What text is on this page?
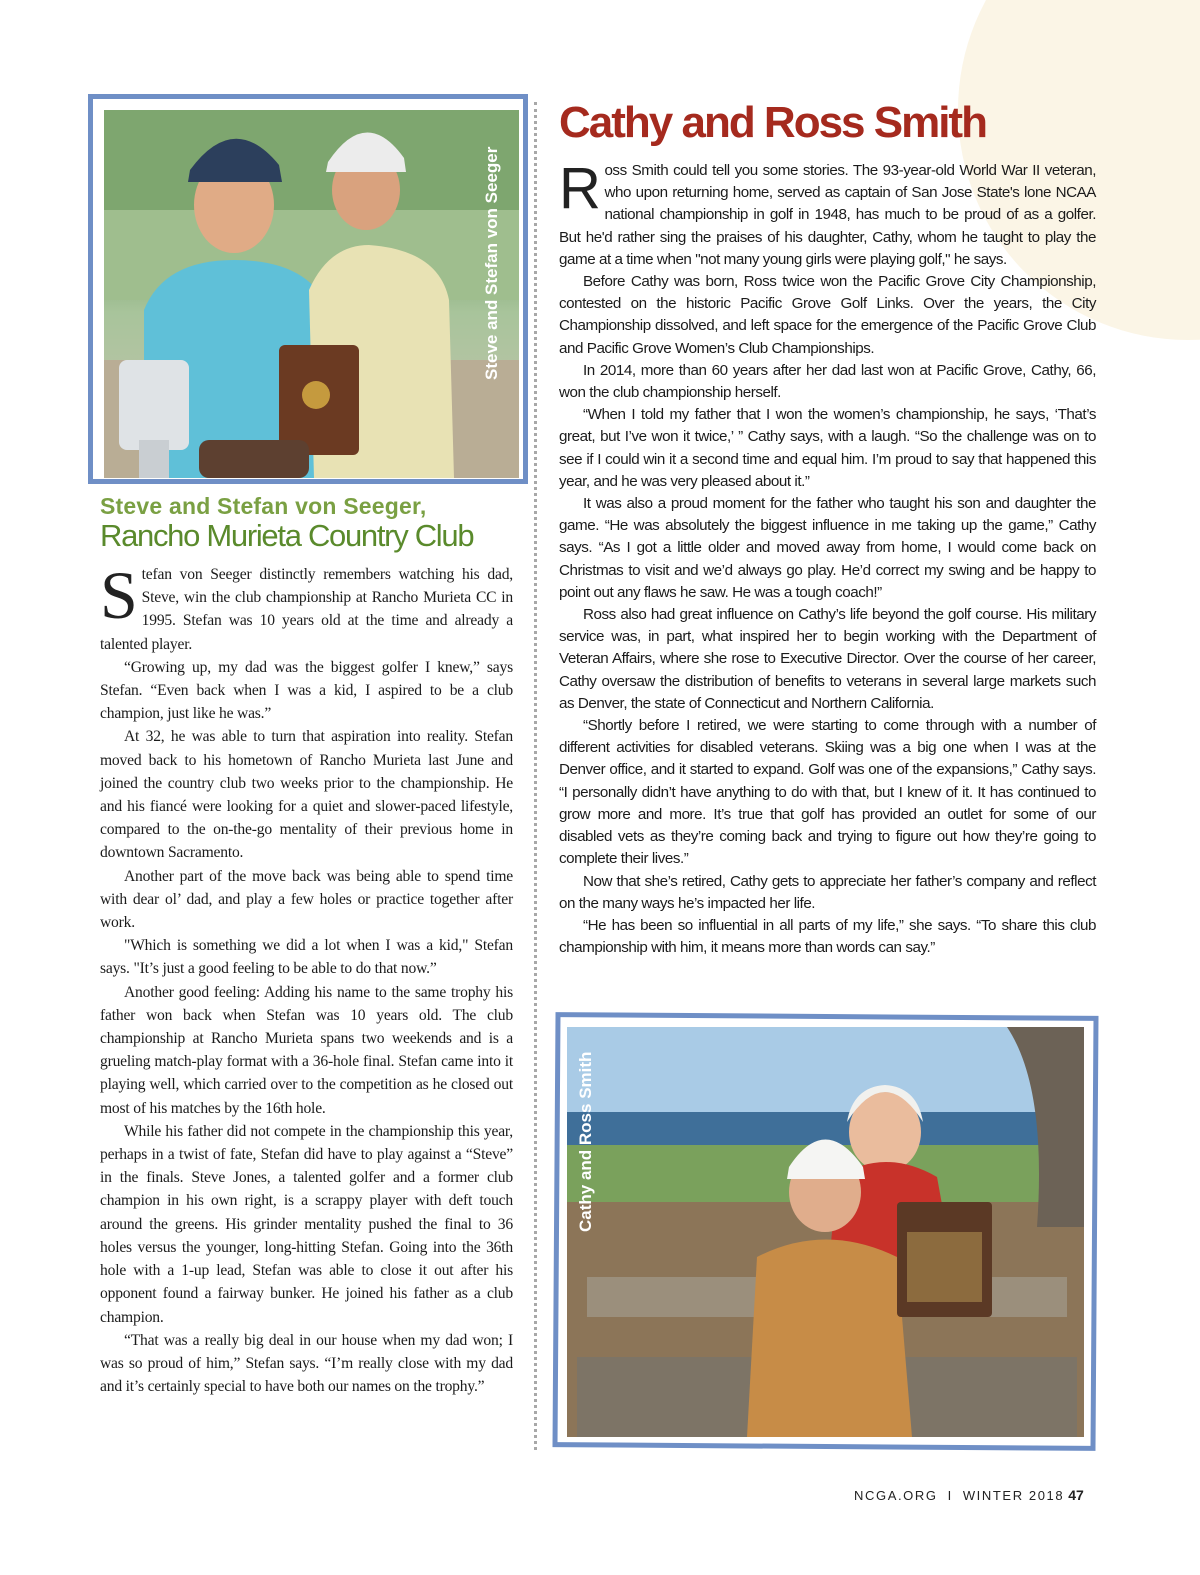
Steve and Stefan von Seeger
Steve and Stefan von Seeger,
Rancho Murieta Country Club

Stefan von Seeger distinctly remembers watching his dad, Steve, win the club championship at Rancho Murieta CC in 1995. Stefan was 10 years old at the time and already a talented player.

“Growing up, my dad was the biggest golfer I knew,” says Stefan. “Even back when I was a kid, I aspired to be a club champion, just like he was.”

At 32, he was able to turn that aspiration into reality. Stefan moved back to his hometown of Rancho Murieta last June and joined the country club two weeks prior to the championship. He and his fiancé were looking for a quiet and slower-paced lifestyle, compared to the on-the-go mentality of their previous home in downtown Sacramento.

Another part of the move back was being able to spend time with dear ol’ dad, and play a few holes or practice together after work.

"Which is something we did a lot when I was a kid," Stefan says. "It’s just a good feeling to be able to do that now.”

Another good feeling: Adding his name to the same trophy his father won back when Stefan was 10 years old. The club championship at Rancho Murieta spans two weekends and is a grueling match-play format with a 36-hole final. Stefan came into it playing well, which carried over to the competition as he closed out most of his matches by the 16th hole.

While his father did not compete in the championship this year, perhaps in a twist of fate, Stefan did have to play against a “Steve” in the finals. Steve Jones, a talented golfer and a former club champion in his own right, is a scrappy player with deft touch around the greens. His grinder mentality pushed the final to 36 holes versus the younger, long-hitting Stefan. Going into the 36th hole with a 1-up lead, Stefan was able to close it out after his opponent found a fairway bunker. He joined his father as a club champion.

“That was a really big deal in our house when my dad won; I was so proud of him,” Stefan says. “I’m really close with my dad and it’s certainly special to have both our names on the trophy.”

Cathy and Ross Smith

Ross Smith could tell you some stories. The 93-year-old World War II veteran, who upon returning home, served as captain of San Jose State's lone NCAA national championship in golf in 1948, has much to be proud of as a golfer. But he'd rather sing the praises of his daughter, Cathy, whom he taught to play the game at a time when "not many young girls were playing golf," he says.

Before Cathy was born, Ross twice won the Pacific Grove City Championship, contested on the historic Pacific Grove Golf Links. Over the years, the City Championship dissolved, and left space for the emergence of the Pacific Grove Club and Pacific Grove Women’s Club Championships.

In 2014, more than 60 years after her dad last won at Pacific Grove, Cathy, 66, won the club championship herself.

“When I told my father that I won the women’s championship, he says, ‘That’s great, but I’ve won it twice,’ ” Cathy says, with a laugh. “So the challenge was on to see if I could win it a second time and equal him. I’m proud to say that happened this year, and he was very pleased about it.”

It was also a proud moment for the father who taught his son and daughter the game. “He was absolutely the biggest influence in me taking up the game,” Cathy says. “As I got a little older and moved away from home, I would come back on Christmas to visit and we’d always go play. He’d correct my swing and be happy to point out any flaws he saw. He was a tough coach!”

Ross also had great influence on Cathy’s life beyond the golf course. His military service was, in part, what inspired her to begin working with the Department of Veteran Affairs, where she rose to Executive Director. Over the course of her career, Cathy oversaw the distribution of benefits to veterans in several large markets such as Denver, the state of Connecticut and Northern California.

“Shortly before I retired, we were starting to come through with a number of different activities for disabled veterans. Skiing was a big one when I was at the Denver office, and it started to expand. Golf was one of the expansions,” Cathy says. “I personally didn’t have anything to do with that, but I knew of it. It has continued to grow more and more. It’s true that golf has provided an outlet for some of our disabled vets as they’re coming back and trying to figure out how they’re going to complete their lives.”

Now that she’s retired, Cathy gets to appreciate her father’s company and reflect on the many ways he’s impacted her life.

“He has been so influential in all parts of my life,” she says. “To share this club championship with him, it means more than words can say.”

Cathy and Ross Smith
NCGA.ORG I WINTER 2018 47
